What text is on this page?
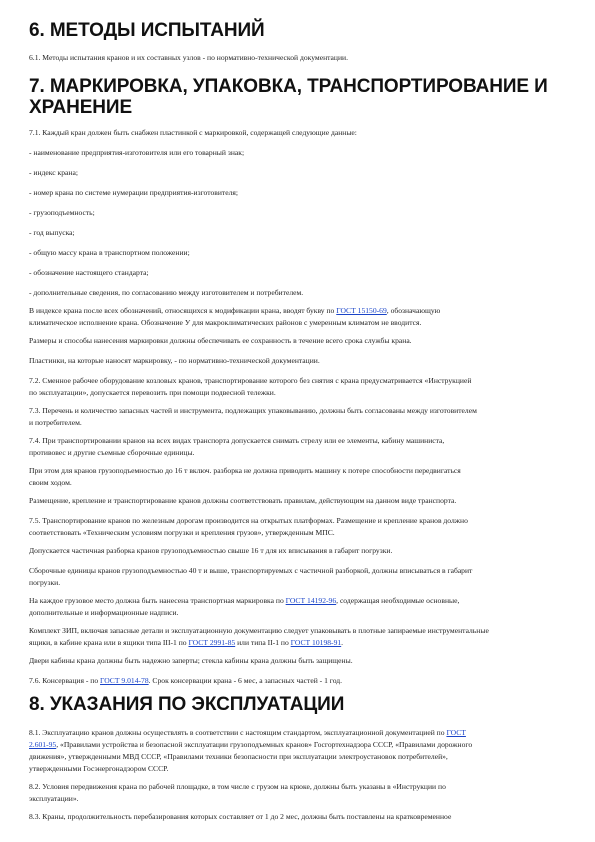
6. МЕТОДЫ ИСПЫТАНИЙ

6.1. Методы испытания кранов и их составных узлов - по нормативно-технической документации.

7. МАРКИРОВКА, УПАКОВКА, ТРАНСПОРТИРОВАНИЕ И
ХРАНЕНИЕ

7.1. Каждый кран должен быть снабжен пластинкой с маркировкой, содержащей следующие данные:

- наименование предприятия-изготовителя или его товарный знак;

- индекс крана;

- номер крана по системе нумерации предприятия-изготовителя;

- грузоподъемность;

- год выпуска;

- общую массу крана в транспортном положении;

- обозначение настоящего стандарта;

- дополнительные сведения, по согласованию между изготовителем и потребителем.

В индексе крана после всех обозначений, относящихся к модификации крана, вводят букву по ГОСТ 15150-69, обозначающую

климатическое исполнение крана. Обозначение У для макроклиматических районов с умеренным климатом не вводится.

Размеры и способы нанесения маркировки должны обеспечивать ее сохранность в течение всего срока службы крана.

Пластинки, на которые наносят маркировку, - по нормативно-технической документации.

7.2. Сменное рабочее оборудование козловых кранов, транспортирование которого без снятия с крана предусматривается «Инструкцией

по эксплуатации», допускается перевозить при помощи подвесной тележки.

7.3. Перечень и количество запасных частей и инструмента, подлежащих упаковыванию, должны быть согласованы между изготовителем

и потребителем.

7.4. При транспортировании кранов на всех видах транспорта допускается снимать стрелу или ее элементы, кабину машиниста,

противовес и другие съемные сборочные единицы.

При этом для кранов грузоподъемностью до 16 т включ. разборка не должна приводить машину к потере способности передвигаться

своим ходом.

Размещение, крепление и транспортирование кранов должны соответствовать правилам, действующим на данном виде транспорта.

7.5. Транспортирование кранов по железным дорогам производится на открытых платформах. Размещение и крепление кранов должно

соответствовать «Техническим условиям погрузки и крепления грузов», утвержденным МПС.

Допускается частичная разборка кранов грузоподъемностью свыше 16 т для их вписывания в габарит погрузки.

Сборочные единицы кранов грузоподъемностью 40 т и выше, транспортируемых с частичной разборкой, должны вписываться в габарит

погрузки.

На каждое грузовое место должна быть нанесена транспортная маркировка по ГОСТ 14192-96, содержащая необходимые основные,

дополнительные и информационные надписи.

Комплект ЗИП, включая запасные детали и эксплуатационную документацию следует упаковывать в плотные запираемые инструментальные

ящики, в кабине крана или в ящики типа III-1 по ГОСТ 2991-85 или типа II-1 по ГОСТ 10198-91.

Двери кабины крана должны быть надежно заперты; стекла кабины крана должны быть защищены.

7.6. Консервация - по ГОСТ 9.014-78. Срок консервации крана - 6 мес, а запасных частей - 1 год.

8. УКАЗАНИЯ ПО ЭКСПЛУАТАЦИИ

8.1. Эксплуатацию кранов должны осуществлять в соответствии с настоящим стандартом, эксплуатационной документацией по ГОСТ

2.601-95, «Правилами устройства и безопасной эксплуатации грузоподъемных кранов» Госгортехнадзора СССР, «Правилами дорожного

движения», утвержденными МВД СССР, «Правилами техники безопасности при эксплуатации электроустановок потребителей»,

утвержденными Госэнергонадзором СССР.

8.2. Условия передвижения крана по рабочей площадке, в том числе с грузом на крюке, должны быть указаны в «Инструкции по

эксплуатации».

8.3. Краны, продолжительность перебазирования которых составляет от 1 до 2 мес, должны быть поставлены на кратковременное
